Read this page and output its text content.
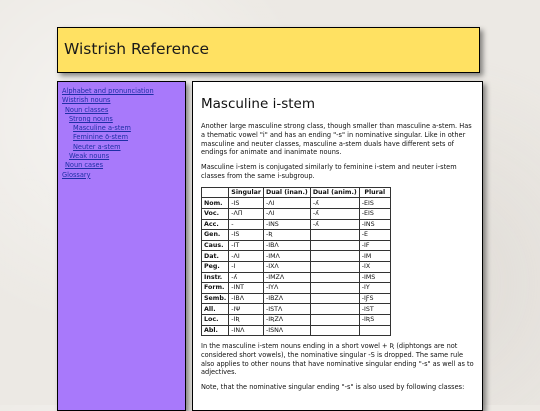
Wistrish Reference
Alphabet and pronunciation
Wistrish nouns
Noun classes
Strong nouns
Masculine a-stem
Feminine ō-stem
Neuter a-stem
Weak nouns
Noun cases
Glossary
Masculine i-stem

Another large masculine strong class, though smaller than masculine a-stem. Has a thematic vowel "i" and has an ending "-s" in nominative singular. Like in other masculine and neuter classes, masculine a-stem duals have different sets of endings for animate and inanimate nouns.

Masculine i-stem is conjugated similarly to feminine i-stem and neuter i-stem classes from the same i-subgroup.

	Singular	Dual (inan.)	Dual (anim.)	Plural
Nom.	-IS	-ɅI	-ʎ	-EIS
Voc.	-ɅΠ	-ɅI	-ʎ	-EIS
Acc.	-	-INS	-ʎ	-INS
Gen.	-IS	-Ʀ		-E
Caus.	-IT	-IBɅ		-IF
Dat.	-ɅI	-IMɅ		-IM
Peg.	-I	-IXɅ		-IX
Instr.	-ʎ	-IMZɅ		-IMS
Form.	-INT	-IYɅ		-IY
Semb.	-IBɅ	-IBZɅ		-IƑS
All.	-IΨ	-ISTɅ		-IST
Loc.	-IƦ	-IƦZɅ		-IƦS
Abl.	-INɅ	-ISNɅ		

In the masculine i-stem nouns ending in a short vowel + Ʀ (diphtongs are not considered short vowels), the nominative singular -S is dropped. The same rule also applies to other nouns that have nominative singular ending "-s" as well as to adjectives.

Note, that the nominative singular ending "-s" is also used by following classes:
